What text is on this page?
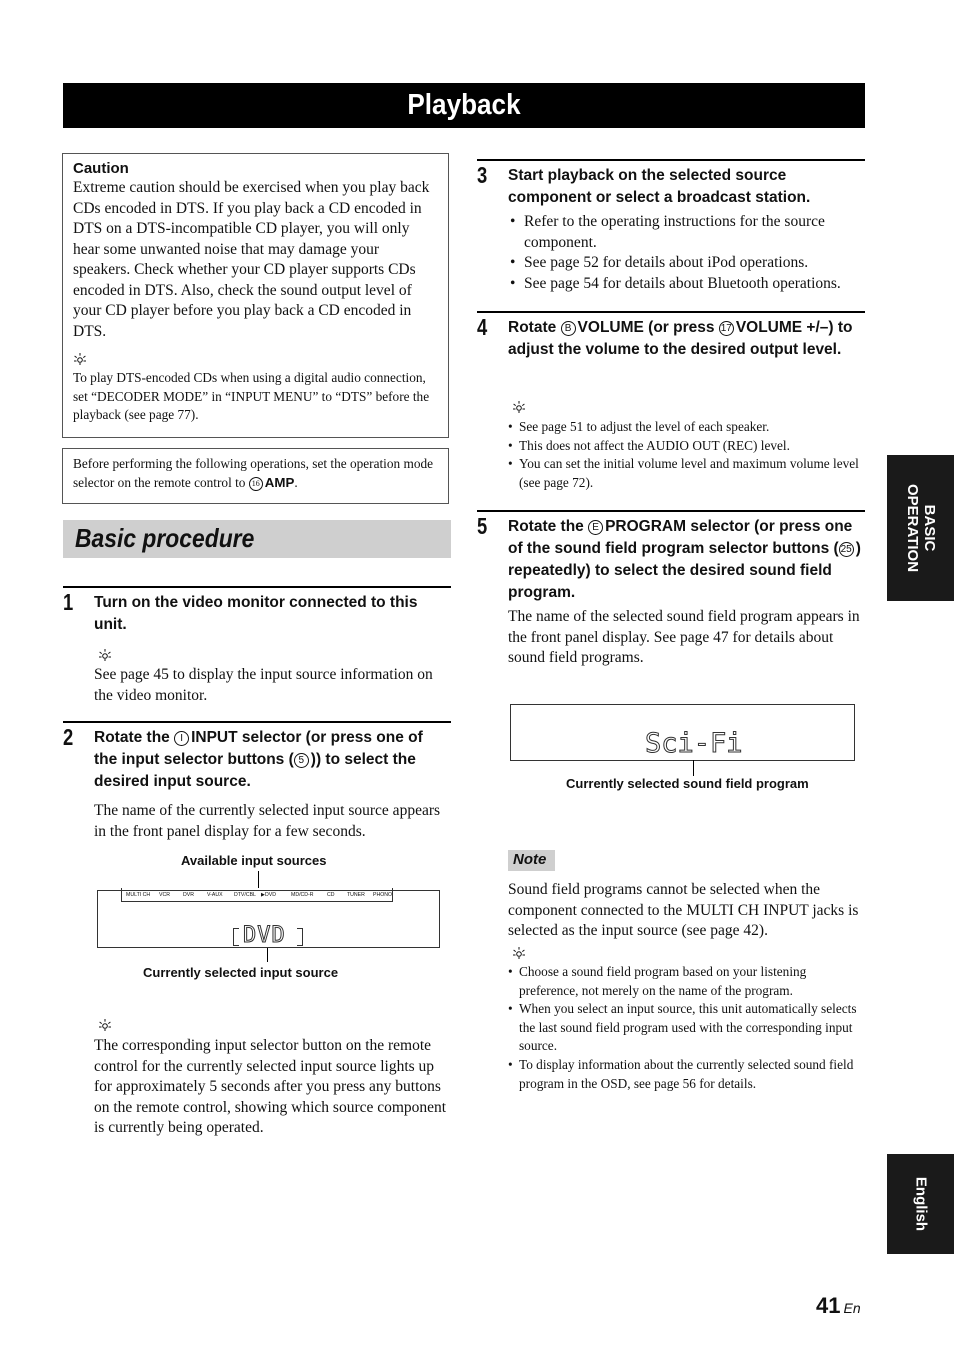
Playback
Caution
Extreme caution should be exercised when you play back CDs encoded in DTS. If you play back a CD encoded in DTS on a DTS-incompatible CD player, you will only hear some unwanted noise that may damage your speakers. Check whether your CD player supports CDs encoded in DTS. Also, check the sound output level of your CD player before you play back a CD encoded in DTS.
To play DTS-encoded CDs when using a digital audio connection, set “DECODER MODE” in “INPUT MENU” to “DTS” before the playback (see page 77).
Before performing the following operations, set the operation mode selector on the remote control to 16 AMP.
Basic procedure
1 Turn on the video monitor connected to this unit.
See page 45 to display the input source information on the video monitor.
2 Rotate the I INPUT selector (or press one of the input selector buttons ( 5 )) to select the desired input source.
The name of the currently selected input source appears in the front panel display for a few seconds.
Available input sources
MULTI CH VCR	DVR	V-AUX DTV/CBL ▶DVD	MD/CD-R	CD TUNER PHONO
DVD
Currently selected input source
The corresponding input selector button on the remote control for the currently selected input source lights up for approximately 5 seconds after you press any buttons on the remote control, showing which source component is currently being operated.
3 Start playback on the selected source component or select a broadcast station.
• Refer to the operating instructions for the source component.
• See page 52 for details about iPod operations.
• See page 54 for details about Bluetooth operations.
4 Rotate B VOLUME (or press 17 VOLUME +/–) to adjust the volume to the desired output level.
• See page 51 to adjust the level of each speaker.
• This does not affect the AUDIO OUT (REC) level.
• You can set the initial volume level and maximum volume level (see page 72).
5 Rotate the E PROGRAM selector (or press one of the sound field program selector buttons ( 25 ) repeatedly) to select the desired sound field program.
The name of the selected sound field program appears in the front panel display. See page 47 for details about sound field programs.
Sci-Fi
Currently selected sound field program
Note
Sound field programs cannot be selected when the component connected to the MULTI CH INPUT jacks is selected as the input source (see page 42).
• Choose a sound field program based on your listening preference, not merely on the name of the program.
• When you select an input source, this unit automatically selects the last sound field program used with the corresponding input source.
• To display information about the currently selected sound field program in the OSD, see page 56 for details.
BASIC
OPERATION
English
41 En
